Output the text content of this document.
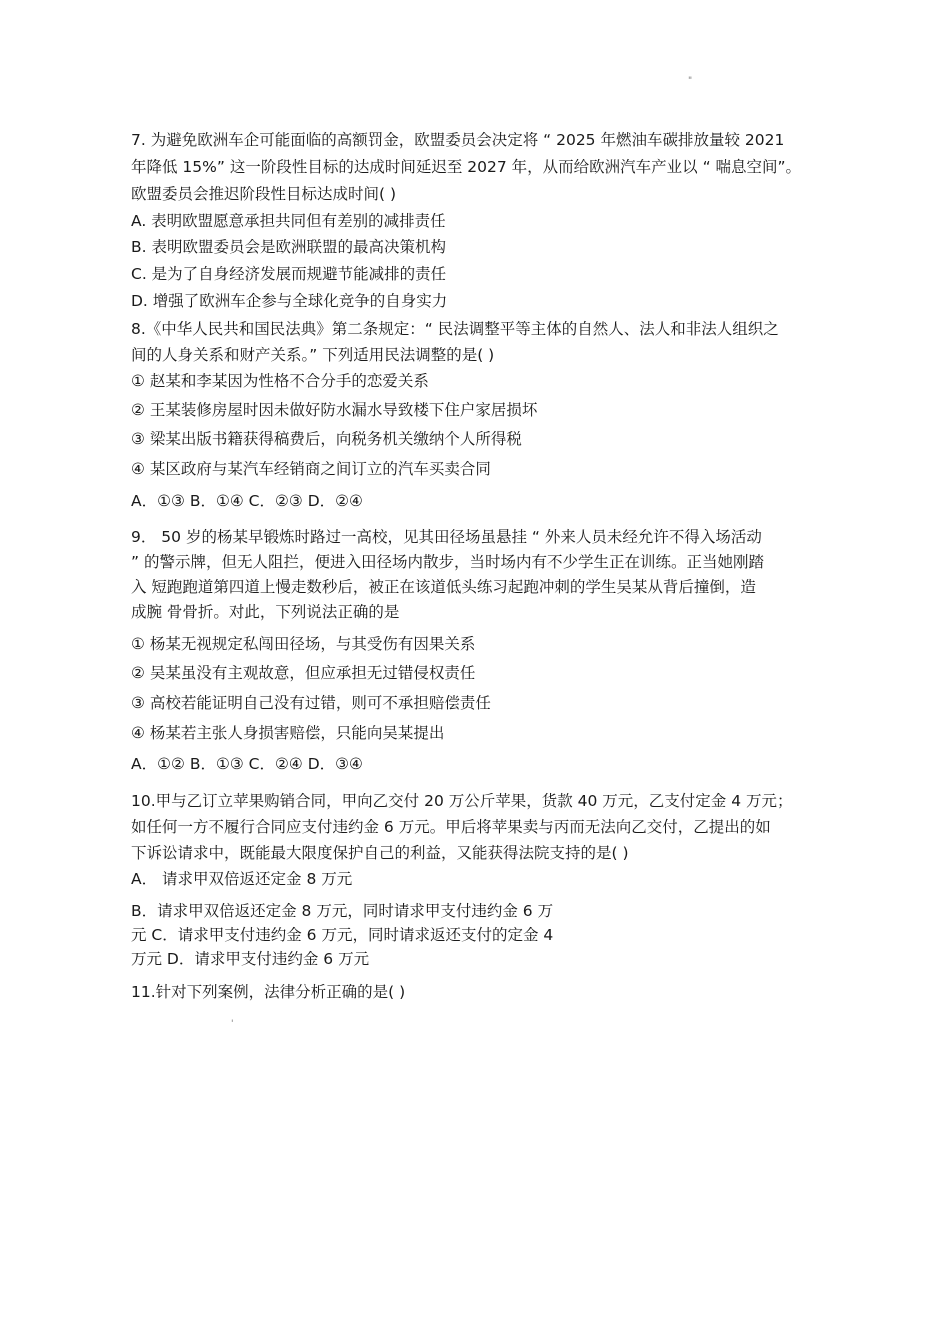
"
7. 为避免欧洲车企可能面临的高额罚金，欧盟委员会决定将 “ 2025 年燃油车碳排放量较 2021
年降低 15%” 这一阶段性目标的达成时间延迟至 2027 年，从而给欧洲汽车产业以 “ 喘息空间”。
欧盟委员会推迟阶段性目标达成时间( )
A. 表明欧盟愿意承担共同但有差别的减排责任
B. 表明欧盟委员会是欧洲联盟的最高决策机构
C. 是为了自身经济发展而规避节能减排的责任
D. 增强了欧洲车企参与全球化竞争的自身实力
8.《中华人民共和国民法典》第二条规定：“ 民法调整平等主体的自然人、法人和非法人组织之
间的人身关系和财产关系。” 下列适用民法调整的是( )
① 赵某和李某因为性格不合分手的恋爱关系
② 王某装修房屋时因未做好防水漏水导致楼下住户家居损坏
③ 梁某出版书籍获得稿费后，向税务机关缴纳个人所得税
④ 某区政府与某汽车经销商之间订立的汽车买卖合同
A．①③ B．①④ C．②③ D．②④
9． 50 岁的杨某早锻炼时路过一高校，见其田径场虽悬挂 “ 外来人员未经允许不得入场活动
” 的警示牌，但无人阻拦，便进入田径场内散步，当时场内有不少学生正在训练。正当她刚踏
入 短跑跑道第四道上慢走数秒后，被正在该道低头练习起跑冲刺的学生吴某从背后撞倒，造
成腕 骨骨折。对此，下列说法正确的是
① 杨某无视规定私闯田径场，与其受伤有因果关系
② 吴某虽没有主观故意，但应承担无过错侵权责任
③ 高校若能证明自己没有过错，则可不承担赔偿责任
④ 杨某若主张人身损害赔偿，只能向吴某提出
A．①② B．①③ C．②④ D．③④
10.甲与乙订立苹果购销合同，甲向乙交付 20 万公斤苹果，货款 40 万元，乙支付定金 4 万元；
如任何一方不履行合同应支付违约金 6 万元。甲后将苹果卖与丙而无法向乙交付，乙提出的如
下诉讼请求中，既能最大限度保护自己的利益，又能获得法院支持的是( )
A． 请求甲双倍返还定金 8 万元
B．请求甲双倍返还定金 8 万元，同时请求甲支付违约金 6 万
元 C．请求甲支付违约金 6 万元，同时请求返还支付的定金 4
万元 D．请求甲支付违约金 6 万元
11.针对下列案例，法律分析正确的是( )
'
